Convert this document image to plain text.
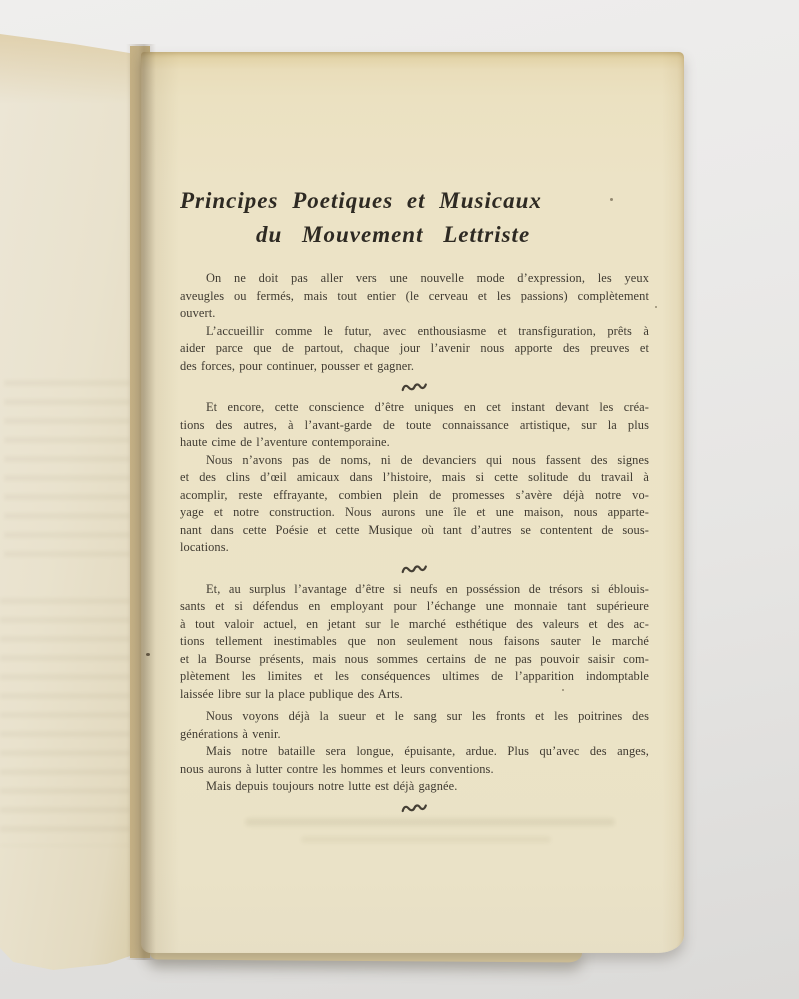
Principes Poetiques et Musicaux
du Mouvement Lettriste
On ne doit pas aller vers une nouvelle mode d’expression, les yeux
aveugles ou fermés, mais tout entier (le cerveau et les passions) complètement
ouvert.
L’accueillir comme le futur, avec enthousiasme et transfiguration, prêts à
aider parce que de partout, chaque jour l’avenir nous apporte des preuves et
des forces, pour continuer, pousser et gagner.
Et encore, cette conscience d’être uniques en cet instant devant les créa-
tions des autres, à l’avant-garde de toute connaissance artistique, sur la plus
haute cime de l’aventure contemporaine.
Nous n’avons pas de noms, ni de devanciers qui nous fassent des signes
et des clins d’œil amicaux dans l’histoire, mais si cette solitude du travail à
acomplir, reste effrayante, combien plein de promesses s’avère déjà notre vo-
yage et notre construction. Nous aurons une île et une maison, nous apparte-
nant dans cette Poésie et cette Musique où tant d’autres se contentent de sous-
locations.
Et, au surplus l’avantage d’être si neufs en posséssion de trésors si éblouis-
sants et si défendus en employant pour l’échange une monnaie tant supérieure
à tout valoir actuel, en jetant sur le marché esthétique des valeurs et des ac-
tions tellement inestimables que non seulement nous faisons sauter le marché
et la Bourse présents, mais nous sommes certains de ne pas pouvoir saisir com-
plètement les limites et les conséquences ultimes de l’apparition indomptable
laissée libre sur la place publique des Arts.
Nous voyons déjà la sueur et le sang sur les fronts et les poitrines des
générations à venir.
Mais notre bataille sera longue, épuisante, ardue. Plus qu’avec des anges,
nous aurons à lutter contre les hommes et leurs conventions.
Mais depuis toujours notre lutte est déjà gagnée.
